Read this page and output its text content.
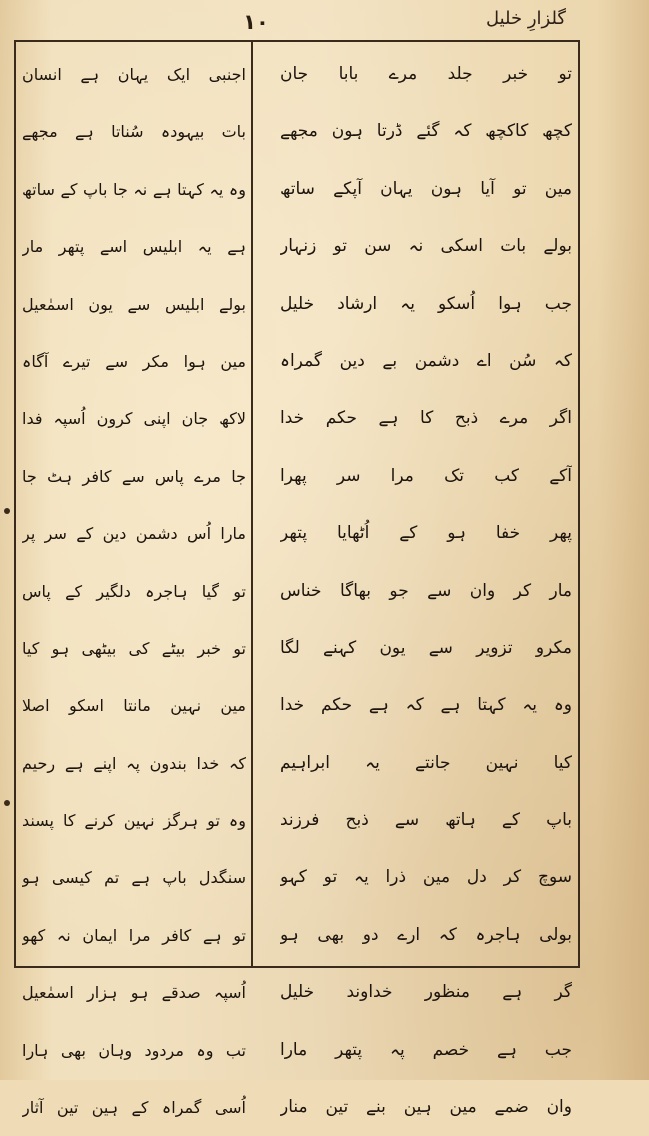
۱۰	گلزارِ خلیل
تو خبر جلد مرے بابا جان
کچھ کاکچھ کہ گئے ڈرتا ہون مجھے
مین تو آیا ہون یہان آپکے ساتھ
بولے بات اسکی نہ سن تو زنہار
جب ہوا اُسکو یہ ارشاد خلیل
کہ سُن اے دشمن بے دین گمراہ
اگر مرے ذبح کا ہے حکم خدا
آکے کب تک مرا سر پھرا
پھر خفا ہو کے اُٹھایا پتھر
مار کر وان سے جو بھاگا خناس
مکرو تزویر سے یون کہنے لگا
وہ یہ کہتا ہے کہ ہے حکم خدا
کیا نہین جانتے یہ ابراہیم
باپ کے ہاتھ سے ذبح فرزند
سوچ کر دل مین ذرا یہ تو کہو
بولی ہاجرہ کہ ارے دو بھی ہو
گر ہے منظور خداوند خلیل
جب ہے خصم پہ پتھر مارا
وان ضمے مین ہین بنے تین منار
اجنبی ایک یہان ہے انسان
بات بیہودہ سُناتا ہے مجھے
وہ یہ کہتا ہے نہ جا باپ کے ساتھ
ہے یہ ابلیس اسے پتھر مار
بولے ابلیس سے یون اسمٰعیل
مین ہوا مکر سے تیرے آگاہ
لاکھ جان اپنی کرون اُسپہ فدا
جا مرے پاس سے کافر ہٹ جا
مارا اُس دشمن دین کے سر پر
تو گیا ہاجرہ دلگیر کے پاس
تو خبر بیٹے کی بیٹھی ہو کیا
مین نہین مانتا اسکو اصلا
کہ خدا بندون پہ اپنے ہے رحیم
وہ تو ہرگز نہین کرنے کا پسند
سنگدل باپ ہے تم کیسی ہو
تو ہے کافر مرا ایمان نہ کھو
اُسپہ صدقے ہو ہزار اسمٰعیل
تب وہ مردود وہان بھی ہارا
اُسی گمراہ کے ہین تین آثار
